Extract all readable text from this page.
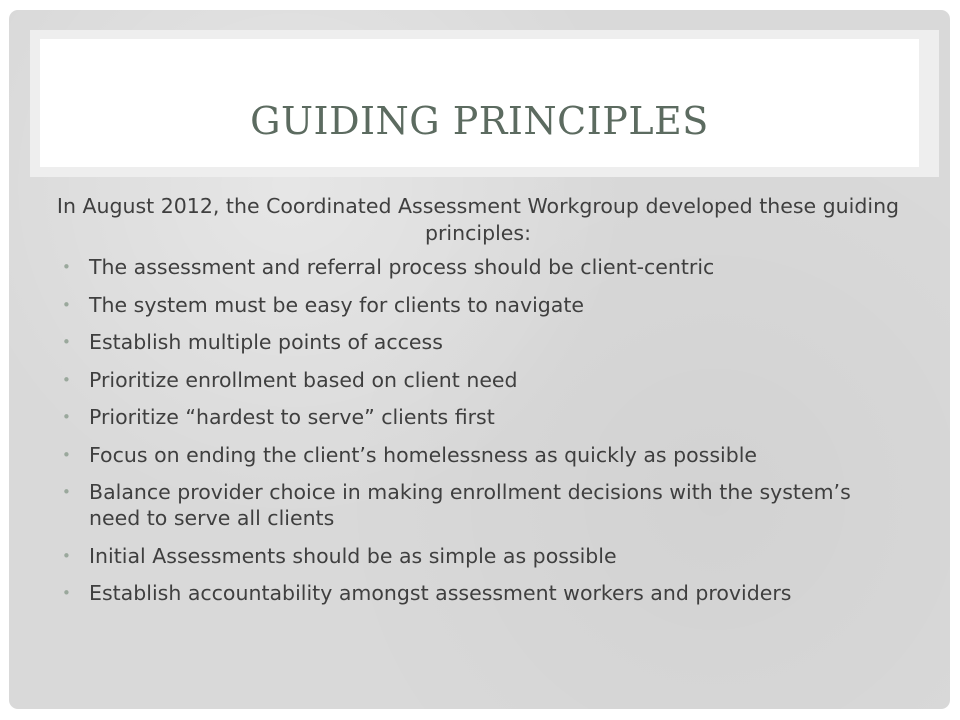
GUIDING PRINCIPLES

In August 2012, the Coordinated Assessment Workgroup developed these guiding principles:

• The assessment and referral process should be client-centric
• The system must be easy for clients to navigate
• Establish multiple points of access
• Prioritize enrollment based on client need
• Prioritize “hardest to serve” clients first
• Focus on ending the client’s homelessness as quickly as possible
• Balance provider choice in making enrollment decisions with the system’s need to serve all clients
• Initial Assessments should be as simple as possible
• Establish accountability amongst assessment workers and providers
